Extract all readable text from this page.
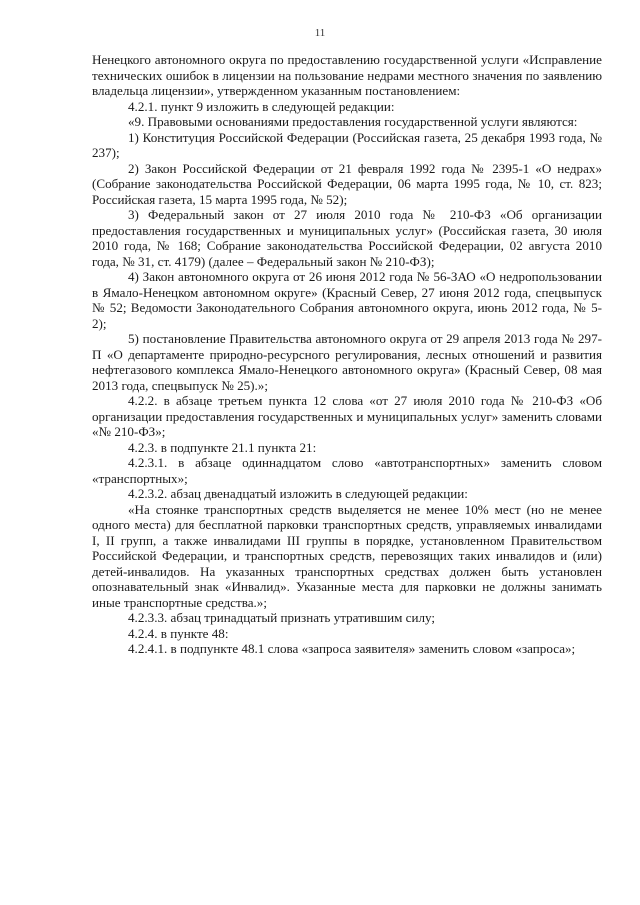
11

Ненецкого автономного округа по предоставлению государственной услуги «Исправление технических ошибок в лицензии на пользование недрами местного значения по заявлению владельца лицензии», утвержденном указанным постановлением:

4.2.1. пункт 9 изложить в следующей редакции:

«9. Правовыми основаниями предоставления государственной услуги являются:

1) Конституция Российской Федерации (Российская газета, 25 декабря 1993 года, № 237);

2) Закон Российской Федерации от 21 февраля 1992 года № 2395-1 «О недрах» (Собрание законодательства Российской Федерации, 06 марта 1995 года, № 10, ст. 823; Российская газета, 15 марта 1995 года, № 52);

3) Федеральный закон от 27 июля 2010 года № 210-ФЗ «Об организации предоставления государственных и муниципальных услуг» (Российская газета, 30 июля 2010 года, № 168; Собрание законодательства Российской Федерации, 02 августа 2010 года, № 31, ст. 4179) (далее – Федеральный закон № 210-ФЗ);

4) Закон автономного округа от 26 июня 2012 года № 56-ЗАО «О недропользовании в Ямало-Ненецком автономном округе» (Красный Север, 27 июня 2012 года, спецвыпуск № 52; Ведомости Законодательного Собрания автономного округа, июнь 2012 года, № 5-2);

5) постановление Правительства автономного округа от 29 апреля 2013 года № 297-П «О департаменте природно-ресурсного регулирования, лесных отношений и развития нефтегазового комплекса Ямало-Ненецкого автономного округа» (Красный Север, 08 мая 2013 года, спецвыпуск № 25).»;

4.2.2. в абзаце третьем пункта 12 слова «от 27 июля 2010 года № 210-ФЗ «Об организации предоставления государственных и муниципальных услуг» заменить словами «№ 210-ФЗ»;

4.2.3. в подпункте 21.1 пункта 21:

4.2.3.1. в абзаце одиннадцатом слово «автотранспортных» заменить словом «транспортных»;

4.2.3.2. абзац двенадцатый изложить в следующей редакции:

«На стоянке транспортных средств выделяется не менее 10% мест (но не менее одного места) для бесплатной парковки транспортных средств, управляемых инвалидами I, II групп, а также инвалидами III группы в порядке, установленном Правительством Российской Федерации, и транспортных средств, перевозящих таких инвалидов и (или) детей-инвалидов. На указанных транспортных средствах должен быть установлен опознавательный знак «Инвалид». Указанные места для парковки не должны занимать иные транспортные средства.»;

4.2.3.3. абзац тринадцатый признать утратившим силу;

4.2.4. в пункте 48:

4.2.4.1. в подпункте 48.1 слова «запроса заявителя» заменить словом «запроса»;
